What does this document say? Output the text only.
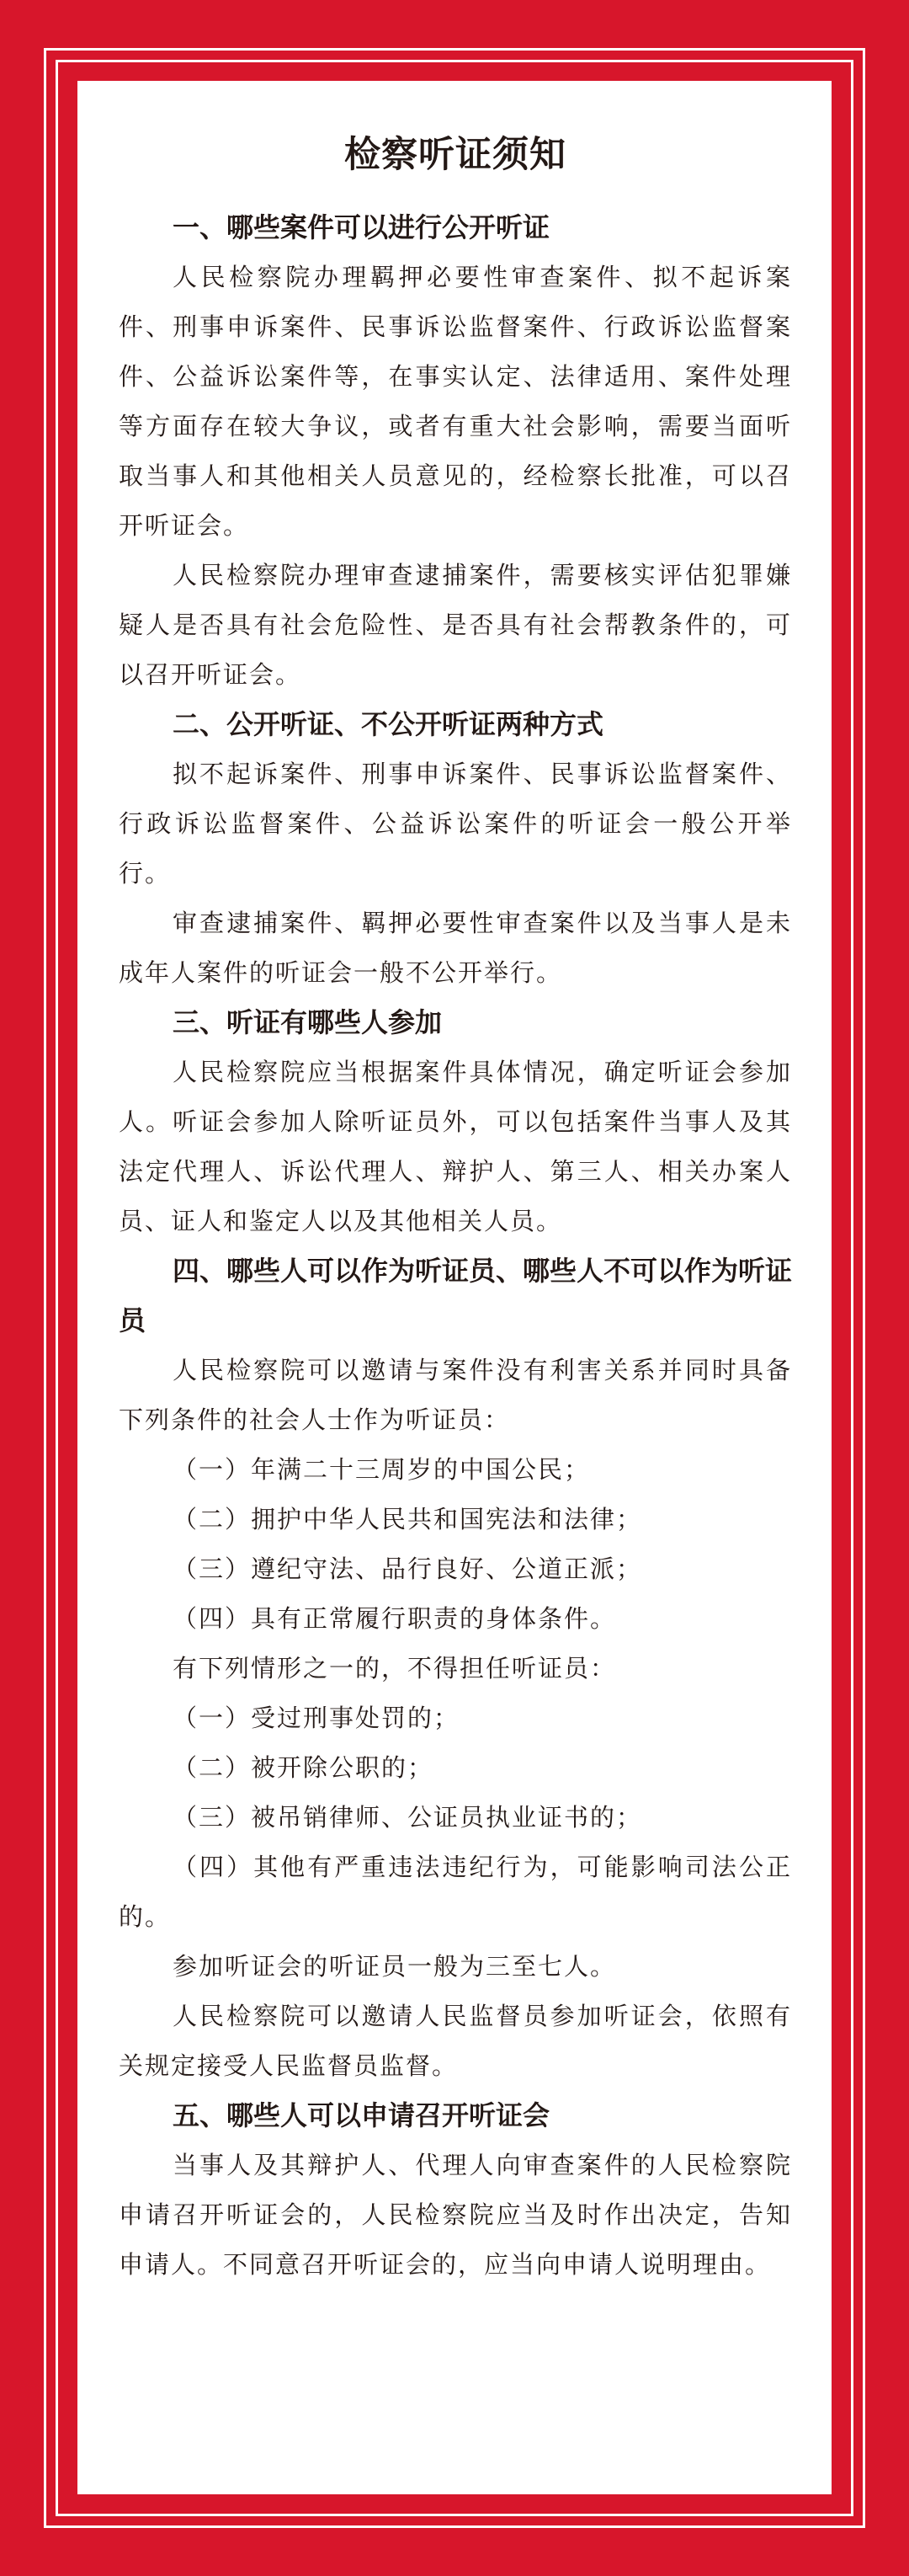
检察听证须知

一、哪些案件可以进行公开听证

人民检察院办理羁押必要性审查案件、拟不起诉案件、刑事申诉案件、民事诉讼监督案件、行政诉讼监督案件、公益诉讼案件等，在事实认定、法律适用、案件处理等方面存在较大争议，或者有重大社会影响，需要当面听取当事人和其他相关人员意见的，经检察长批准，可以召开听证会。

人民检察院办理审查逮捕案件，需要核实评估犯罪嫌疑人是否具有社会危险性、是否具有社会帮教条件的，可以召开听证会。

二、公开听证、不公开听证两种方式

拟不起诉案件、刑事申诉案件、民事诉讼监督案件、行政诉讼监督案件、公益诉讼案件的听证会一般公开举行。

审查逮捕案件、羁押必要性审查案件以及当事人是未成年人案件的听证会一般不公开举行。

三、听证有哪些人参加

人民检察院应当根据案件具体情况，确定听证会参加人。听证会参加人除听证员外，可以包括案件当事人及其法定代理人、诉讼代理人、辩护人、第三人、相关办案人员、证人和鉴定人以及其他相关人员。

四、哪些人可以作为听证员、哪些人不可以作为听证员

人民检察院可以邀请与案件没有利害关系并同时具备下列条件的社会人士作为听证员：

（一）年满二十三周岁的中国公民；

（二）拥护中华人民共和国宪法和法律；

（三）遵纪守法、品行良好、公道正派；

（四）具有正常履行职责的身体条件。

有下列情形之一的，不得担任听证员：

（一）受过刑事处罚的；

（二）被开除公职的；

（三）被吊销律师、公证员执业证书的；

（四）其他有严重违法违纪行为，可能影响司法公正的。

参加听证会的听证员一般为三至七人。

人民检察院可以邀请人民监督员参加听证会，依照有关规定接受人民监督员监督。

五、哪些人可以申请召开听证会

当事人及其辩护人、代理人向审查案件的人民检察院申请召开听证会的，人民检察院应当及时作出决定，告知申请人。不同意召开听证会的，应当向申请人说明理由。
